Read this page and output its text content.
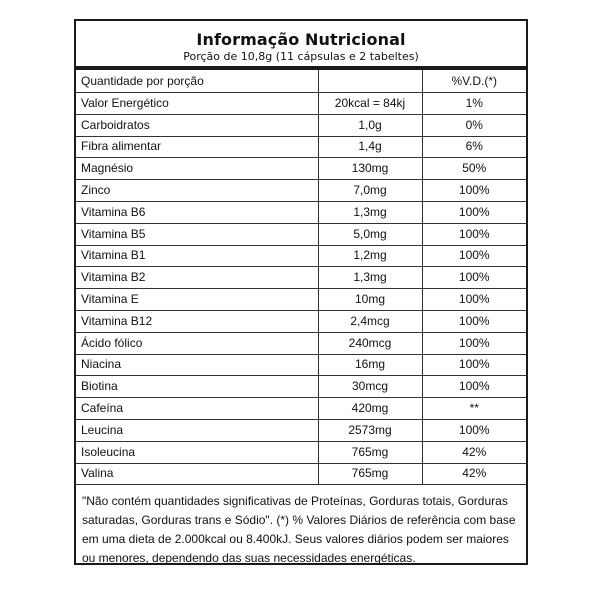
Informação Nutricional
Porção de 10,8g (11 cápsulas e 2 tabeltes)
Quantidade por porção		%V.D.(*)
Valor Energético	20kcal = 84kj	1%
Carboidratos	1,0g	0%
Fibra alimentar	1,4g	6%
Magnésio	130mg	50%
Zinco	7,0mg	100%
Vitamina B6	1,3mg	100%
Vitamina B5	5,0mg	100%
Vitamina B1	1,2mg	100%
Vitamina B2	1,3mg	100%
Vitamina E	10mg	100%
Vitamina B12	2,4mcg	100%
Ácido fólico	240mcg	100%
Niacina	16mg	100%
Biotina	30mcg	100%
Cafeína	420mg	**
Leucina	2573mg	100%
Isoleucina	765mg	42%
Valina	765mg	42%
"Não contém quantidades significativas de Proteínas, Gorduras totais, Gorduras saturadas, Gorduras trans e Sódio". (*) % Valores Diários de referência com base em uma dieta de 2.000kcal ou 8.400kJ. Seus valores diários podem ser maiores ou menores, dependendo das suas necessidades energéticas.
